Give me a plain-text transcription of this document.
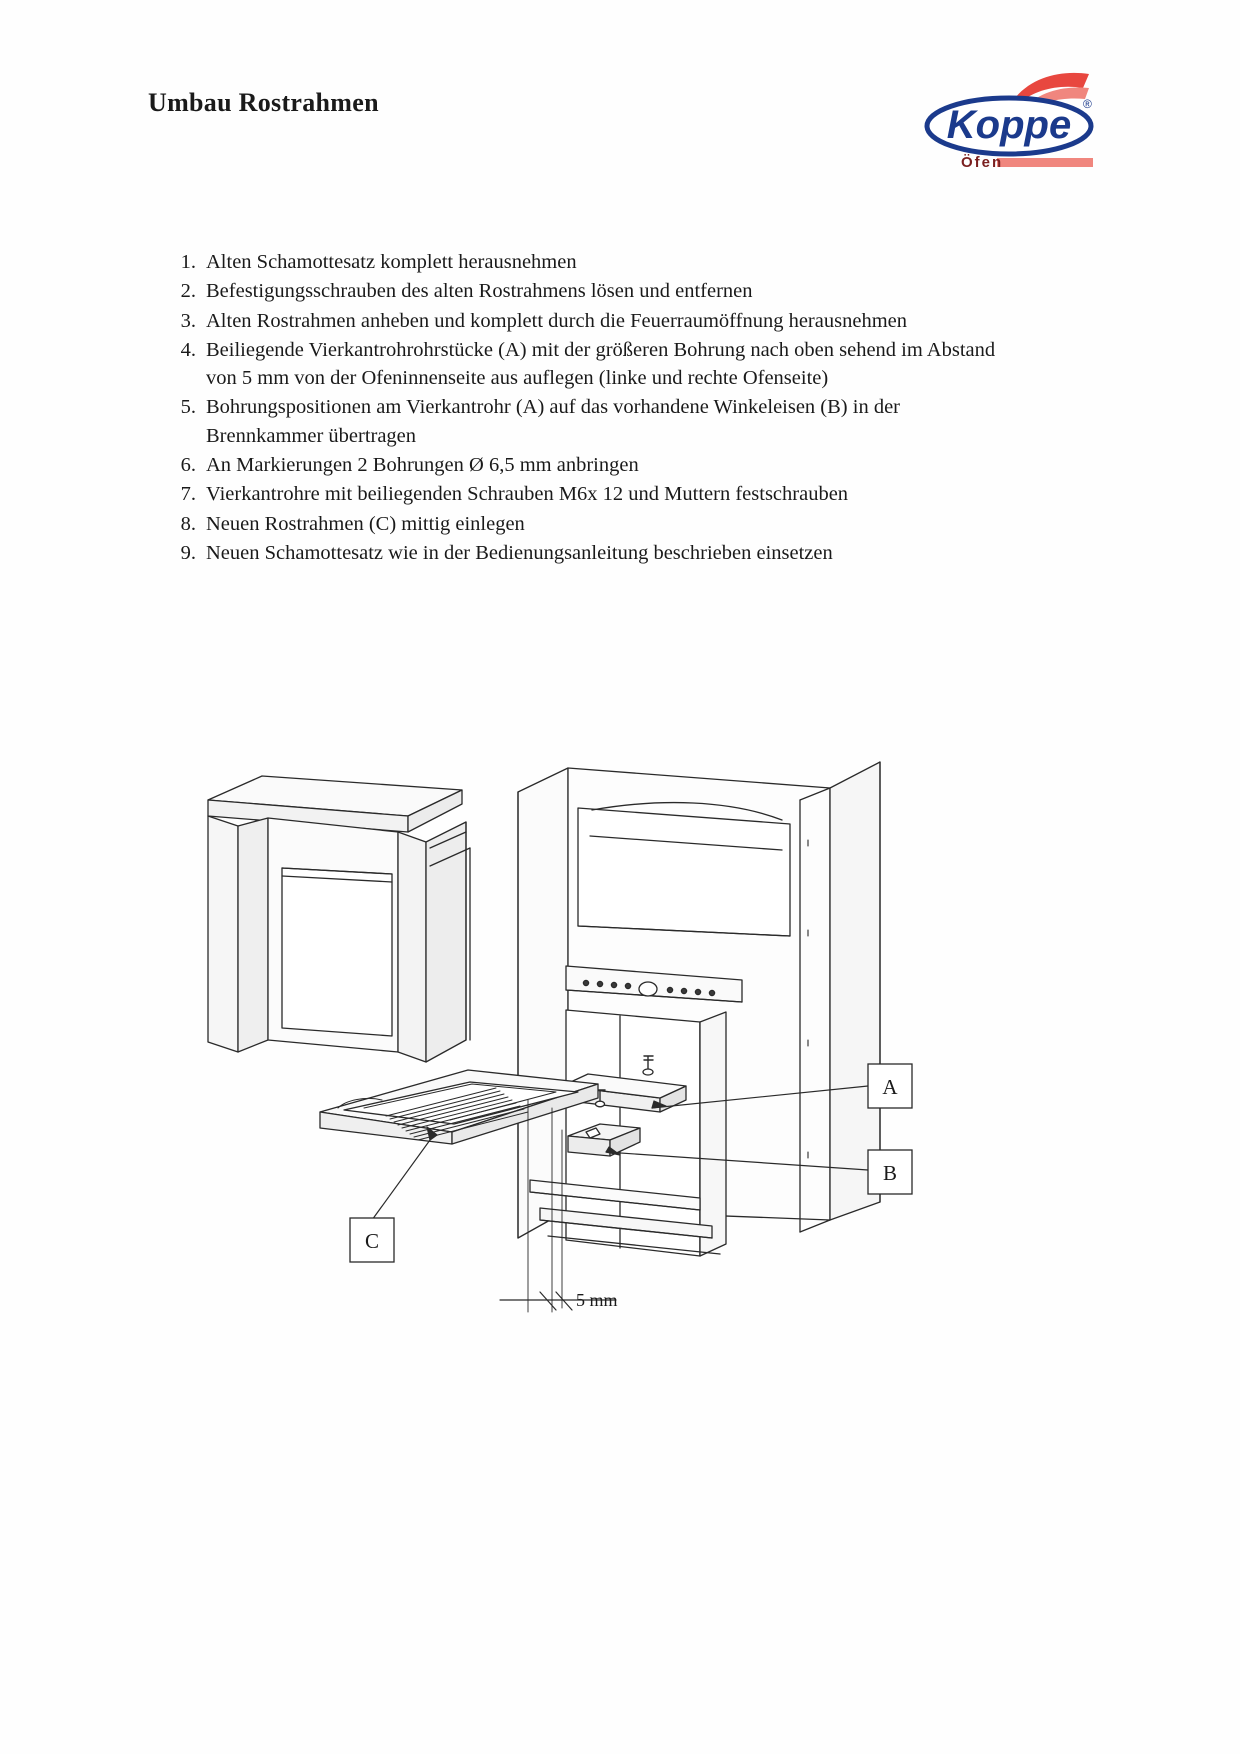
Umbau Rostrahmen
Koppe ®
Öfen
1. Alten Schamottesatz komplett herausnehmen
2. Befestigungsschrauben des alten Rostrahmens lösen und entfernen
3. Alten Rostrahmen anheben und komplett durch die Feuerraumöffnung herausnehmen
4. Beiliegende Vierkantrohrohrstücke (A) mit der größeren Bohrung nach oben sehend im Abstand von 5 mm von der Ofeninnenseite aus auflegen (linke und rechte Ofenseite)
5. Bohrungspositionen am Vierkantrohr (A) auf das vorhandene Winkeleisen (B) in der Brennkammer übertragen
6. An Markierungen 2 Bohrungen Ø 6,5 mm anbringen
7. Vierkantrohre mit beiliegenden Schrauben M6x 12 und Muttern festschrauben
8. Neuen Rostrahmen (C) mittig einlegen
9. Neuen Schamottesatz wie in der Bedienungsanleitung beschrieben einsetzen
A
B
C
5 mm
